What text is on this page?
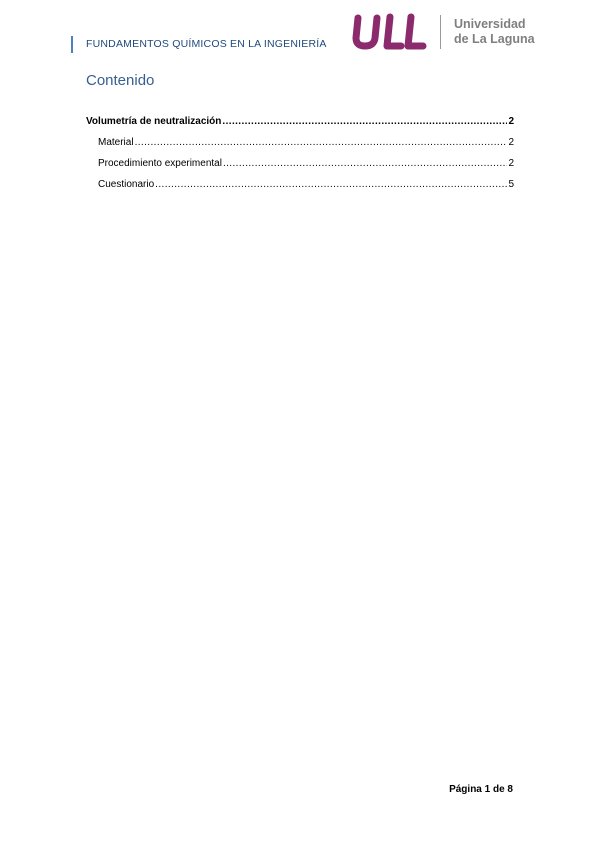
FUNDAMENTOS QUÍMICOS EN LA INGENIERÍA
Universidad
de La Laguna
Contenido
Volumetría de neutralización .....	2
Material .....	2
Procedimiento experimental .....	2
Cuestionario .....	5
Página 1 de 8
